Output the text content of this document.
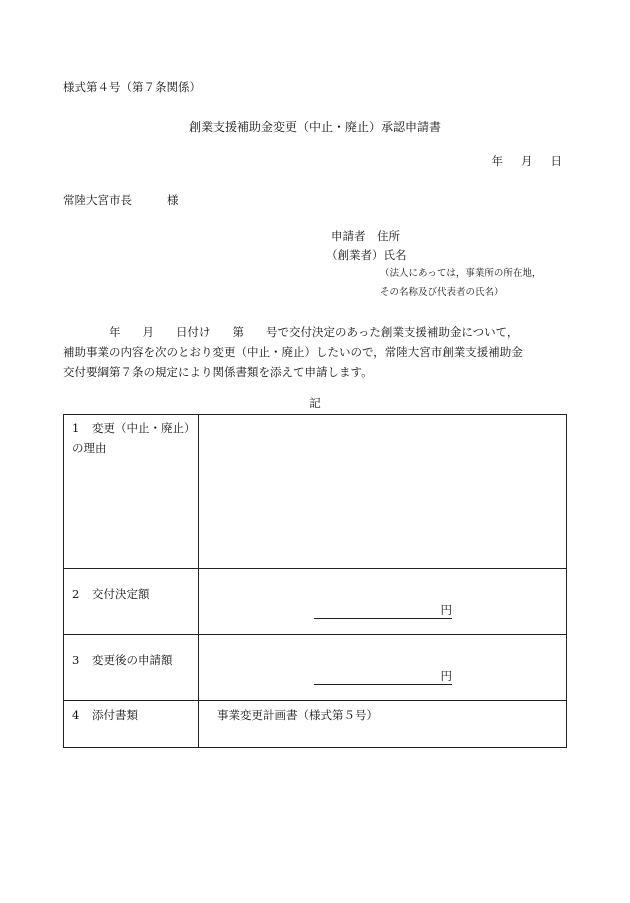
様式第４号（第７条関係）
創業支援補助金変更（中止・廃止）承認申請書
年 月 日
常陸大宮市長	様
申請者　住所
（創業者）氏名
（法人にあっては，事業所の所在地，
その名称及び代表者の氏名）
年 月 日付け 第 号で交付決定のあった創業支援補助金について，
補助事業の内容を次のとおり変更（中止・廃止）したいので，常陸大宮市創業支援補助金
交付要綱第７条の規定により関係書類を添えて申請します。
記
1 変更（中止・廃止）
の理由	

2 交付決定額	円

3 変更後の申請額	円

4 添付書類	事業変更計画書（様式第５号）
